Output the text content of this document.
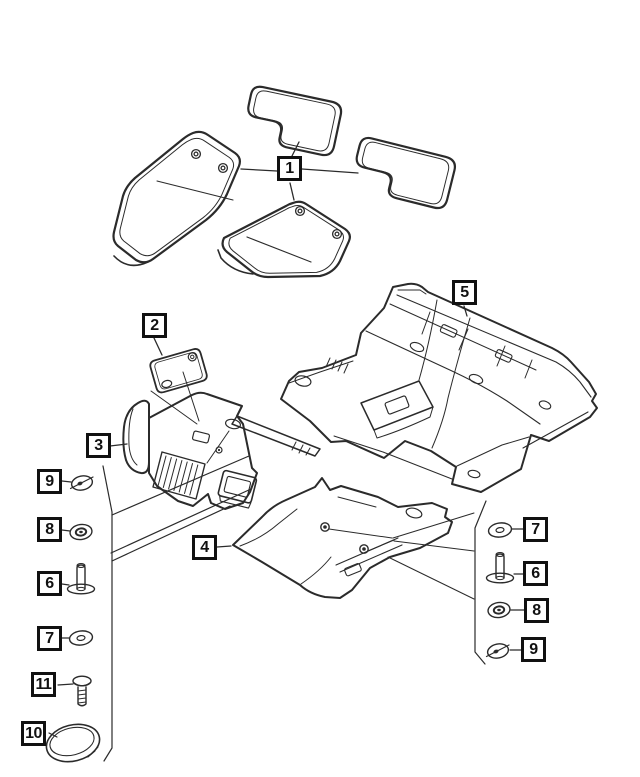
1
2
3
4
5
9
8
6
7
11
10
7
6
8
9
